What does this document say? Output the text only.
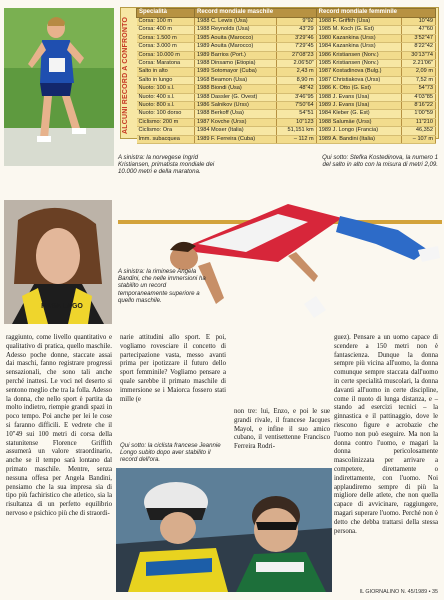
ALCUNI RECORD A CONFRONTO
Specialità	Record mondiale maschile		Record mondiale femminile	
Corsa: 100 m	1988 C. Lewis (Usa)	9"92	1988 F. Griffith (Usa)	10"49
Corsa: 400 m	1988 Reynolds (Usa)	43"29	1985 M. Koch (G. Est)	47"60
Corsa: 1.500 m	1985 Aouita (Marocco)	3'29"46	1980 Kazankina (Urss)	3'52"47
Corsa: 3.000 m	1989 Aouita (Marocco)	7'29"45	1984 Kazankina (Urss)	8'22"42
Corsa: 10.000 m	1989 Barrios (Port.)	27'08"23	1986 Kristiansen (Norv.)	30'13"74
Corsa: Maratona	1988 Dinsamo (Etiopia)	2.06'50"	1985 Kristiansen (Norv.)	2.21'06"
Salto in alto	1989 Sotomayor (Cuba)	2,43 m	1987 Kostadinova (Bulg.)	2,09 m
Salto in lungo	1968 Beamon (Usa)	8,90 m	1987 Christiakova (Urss)	7,52 m
Nuoto: 100 s.l.	1988 Biondi (Usa)	48"42	1986 K. Otto (G. Est)	54"73
Nuoto: 400 s.l.	1988 Dassler (G. Ovest)	3'46"95	1988 J. Evans (Usa)	4'03"85
Nuoto: 800 s.l.	1986 Salnikov (Urss)	7'50"64	1989 J. Evans (Usa)	8'16"22
Nuoto: 100 dorso	1988 Berkoff (Usa)	54"51	1984 Kleber (G. Est)	1'00"59
Ciclismo: 200 m	1987 Kovche (Urss)	10"123	1988 Salumäe (Urss)	11"210
Ciclismo: Ora	1984 Moser (Italia)	51,151 km	1989 J. Longo (Francia)	46,352
Imm. subacquea	1989 F. Ferreira (Cuba)	– 112 m	1989 A. Bandini (Italia)	– 107 m
A sinistra: la norvegese Ingrid Kristiansen, primatista mondiale dei 10.000 metri e della maratona.
Qui sotto: Stefka Kostedinova, la numero 1 del salto in alto con la misura di metri 2,09.
RASA LAGO
A sinistra: la riminese Angela Bandini, che nelle immersioni ha stabilito un record temporaneamente superiore a quello maschile.
raggiunto, come livello quantitativo e qualitativo di pratica, quello maschile. Adesso poche donne, staccate assai dai maschi, fanno registrare progressi sensazionali, che sono tali anche perché inattesi. Le voci nel deserto si sentono meglio che tra la folla. Adesso la donna, che nello sport è partita da molto indietro, riempie grandi spazi in poco tempo. Poi anche per lei le cose si faranno difficili. E vedrete che il 10"49 sui 100 metri di corsa della statunitense Florence Griffith assumerà un valore straordinario, anche se il tempo sarà lontano dal primato maschile. Mentre, senza nessuna offesa per Angela Bandini, pensiamo che la sua impresa sia di tipo più fachiristico che atletico, sia la risultanza di un perfetto equilibrio nervoso e psichico più che di straordi-
narie attitudini allo sport. E poi, vogliamo rovesciare il concetto di partecipazione vasta, messo avanti prima per ipotizzare il futuro dello sport femminile? Vogliamo pensare a quale sarebbe il primato maschile di immersione se i Maiorca fossero stati mille (e
non tre: lui, Enzo, e poi le sue grandi rivale, il francese Jacques Mayol, e infine il suo amico cubano, il ventisettenne Francisco Ferreira Rodri-
guez). Pensare a un uomo capace di scendere a 150 metri non è fantascienza. Dunque la donna sempre più vicina all'uomo, la donna comunque sempre staccata dall'uomo in certe specialità muscolari, la donna davanti all'uomo in certe discipline, come il nuoto di lunga distanza, e – stando ad esercizi tecnici – la ginnastica e il pattinaggio, dove le riescono figure e acrobazie che l'uomo non può eseguire. Ma non la donna contro l'uomo, e magari la donna pericolosamente mascolinizzata per arrivare a competere, direttamente o indirettamente, con l'uomo. Noi applaudiremo sempre di più la migliore delle atlete, che non quella capace di avvicinare, raggiungere, magari superare l'uomo. Perché non è detto che debba trattarsi della stessa persona.
Qui sotto: la ciclista francese Jeannie Longo subito dopo aver stabilito il record dell'ora.
IL GIORNALINO N. 45/1989 • 35
